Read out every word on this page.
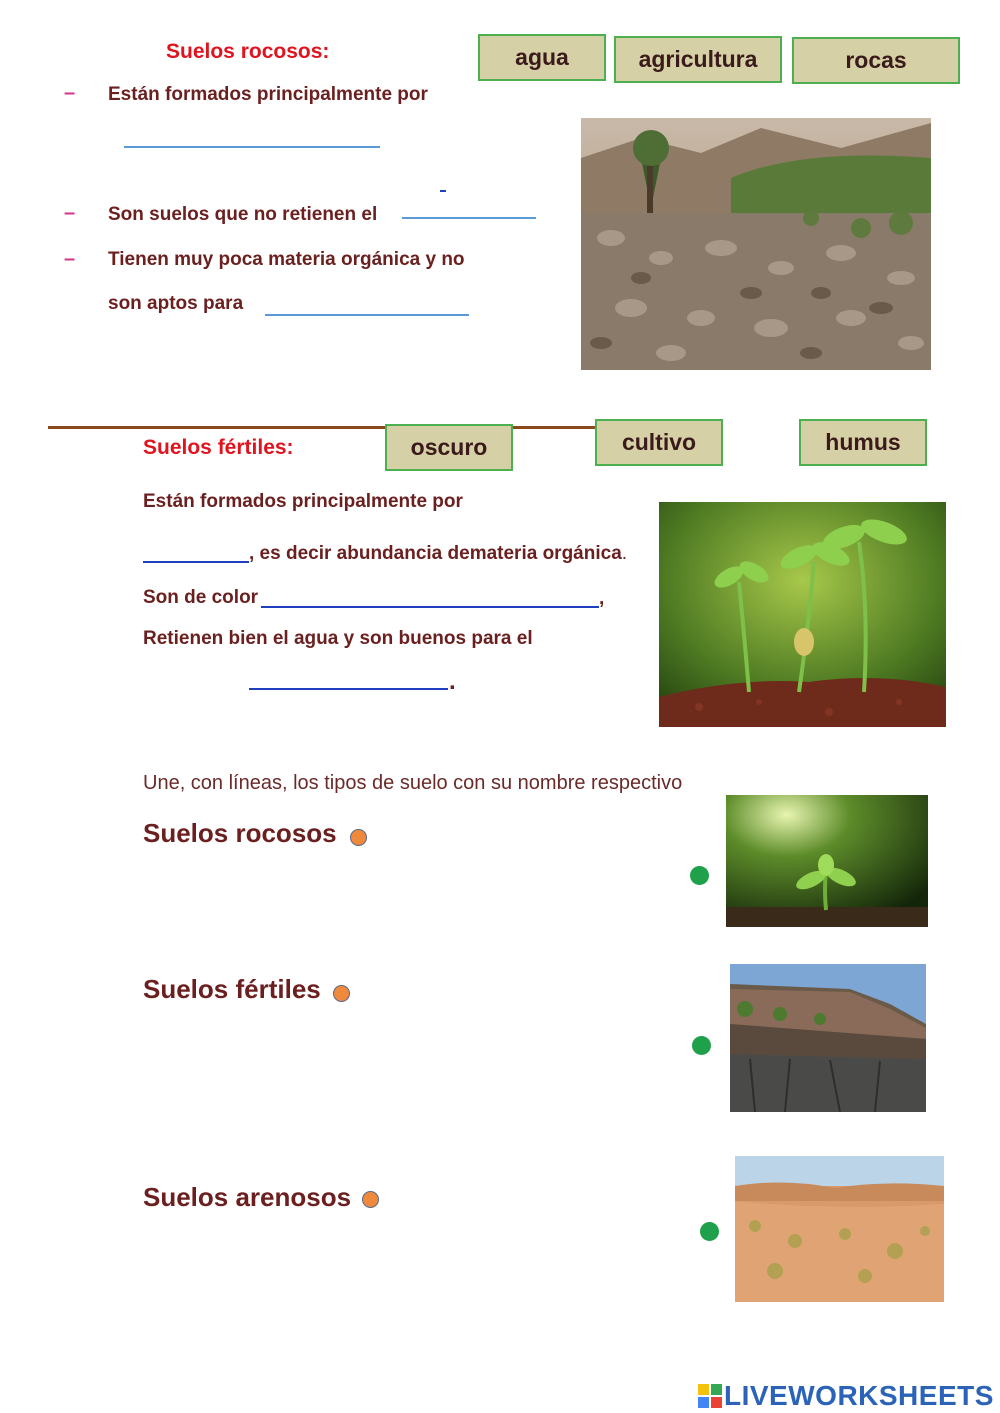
Suelos rocosos:	agua	agricultura	rocas
– Están formados principalmente por
– Son suelos que no retienen el
– Tienen muy poca materia orgánica y no
son aptos para
Suelos fértiles:	oscuro	cultivo	humus
Están formados principalmente por
, es decir abundancia demateria orgánica.
Son de color	,
Retienen bien el agua y son buenos para el
.
Une, con líneas, los tipos de suelo con su nombre respectivo
Suelos rocosos
Suelos fértiles
Suelos arenosos
LIVEWORKSHEETS
